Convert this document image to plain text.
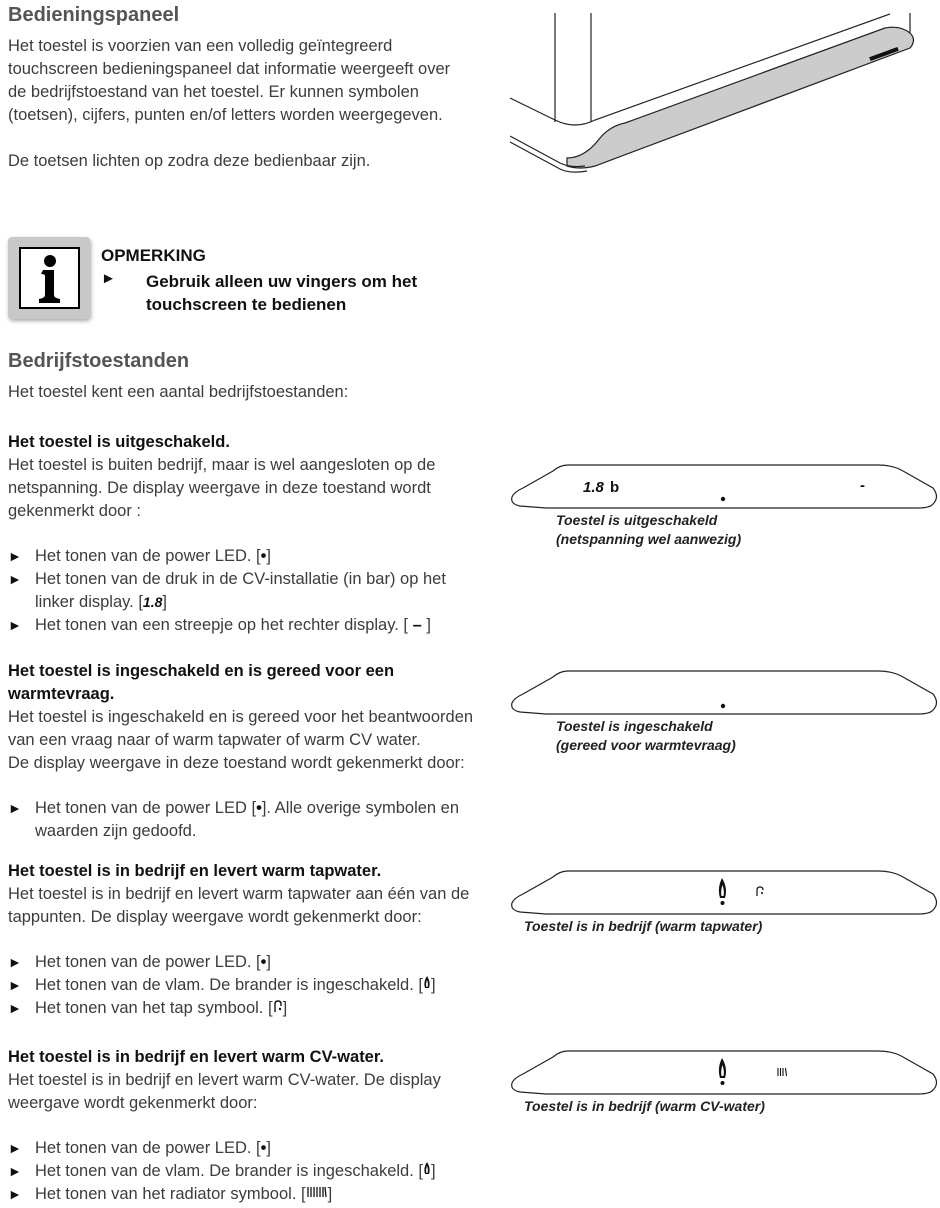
Bedieningspaneel
Het toestel is voorzien van een volledig geïntegreerd
touchscreen bedieningspaneel dat informatie weergeeft over
de bedrijfstoestand van het toestel. Er kunnen symbolen
(toetsen), cijfers, punten en/of letters worden weergegeven.
De toetsen lichten op zodra deze bedienbaar zijn.
OPMERKING
► Gebruik alleen uw vingers om het
touchscreen te bedienen
Bedrijfstoestanden
Het toestel kent een aantal bedrijfstoestanden:
Het toestel is uitgeschakeld.
Het toestel is buiten bedrijf, maar is wel aangesloten op de
netspanning. De display weergave in deze toestand wordt
gekenmerkt door :
► Het tonen van de power LED. [•]
► Het tonen van de druk in de CV-installatie (in bar) op het
linker display. [1.8]
► Het tonen van een streepje op het rechter display. [ – ]
1.8 b	-
Toestel is uitgeschakeld
(netspanning wel aanwezig)
Het toestel is ingeschakeld en is gereed voor een
warmtevraag.
Het toestel is ingeschakeld en is gereed voor het beantwoorden
van een vraag naar of warm tapwater of warm CV water.
De display weergave in deze toestand wordt gekenmerkt door:
► Het tonen van de power LED [•]. Alle overige symbolen en
waarden zijn gedoofd.
Toestel is ingeschakeld
(gereed voor warmtevraag)
Het toestel is in bedrijf en levert warm tapwater.
Het toestel is in bedrijf en levert warm tapwater aan één van de
tappunten. De display weergave wordt gekenmerkt door:
► Het tonen van de power LED. [•]
► Het tonen van de vlam. De brander is ingeschakeld. [ ]
► Het tonen van het tap symbool. [ ]
Toestel is in bedrijf (warm tapwater)
Het toestel is in bedrijf en levert warm CV-water.
Het toestel is in bedrijf en levert warm CV-water. De display
weergave wordt gekenmerkt door:
► Het tonen van de power LED. [•]
► Het tonen van de vlam. De brander is ingeschakeld. [ ]
► Het tonen van het radiator symbool. [ ]
Toestel is in bedrijf (warm CV-water)
